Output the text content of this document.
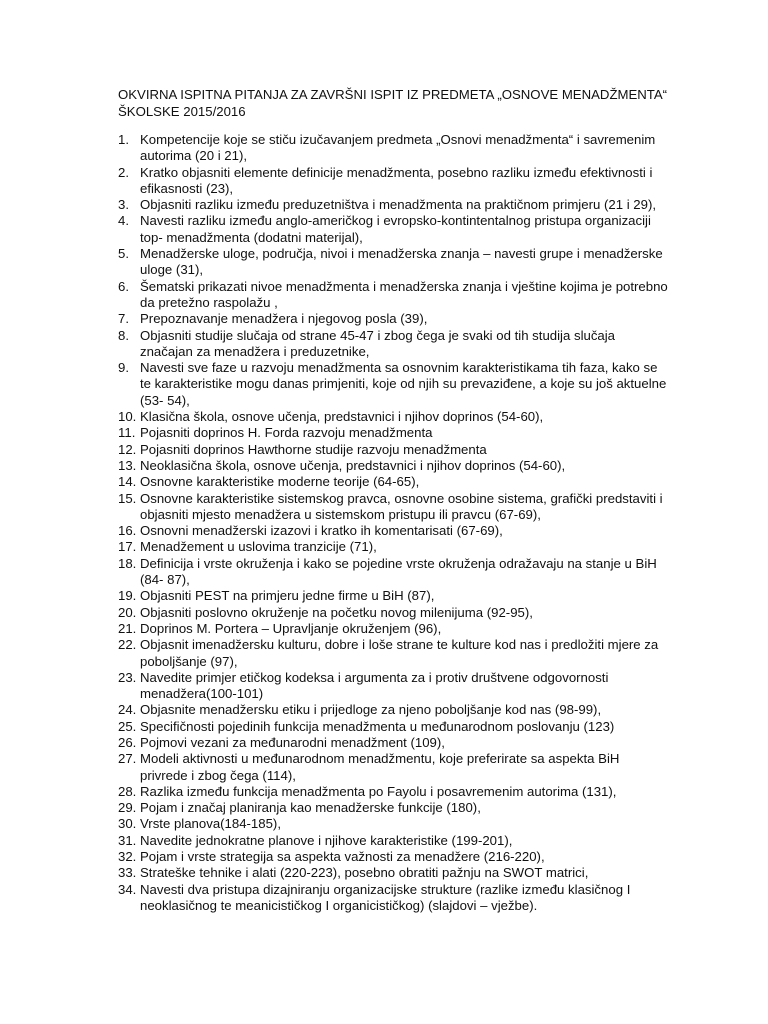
OKVIRNA ISPITNA PITANJA ZA ZAVRŠNI ISPIT IZ PREDMETA „OSNOVE MENADŽMENTA“
ŠKOLSKE 2015/2016
1. Kompetencije koje se stiču izučavanjem predmeta „Osnovi menadžmenta“ i savremenim autorima (20 i 21),
2. Kratko objasniti elemente definicije menadžmenta, posebno razliku između efektivnosti i efikasnosti (23),
3. Objasniti razliku između preduzetništva i menadžmenta na praktičnom primjeru (21 i 29),
4. Navesti razliku između anglo-američkog i evropsko-kontintentalnog pristupa organizaciji top- menadžmenta (dodatni materijal),
5. Menadžerske uloge, područja, nivoi i menadžerska znanja – navesti grupe i menadžerske uloge (31),
6. Šematski prikazati nivoe menadžmenta i menadžerska znanja i vještine kojima je potrebno da pretežno raspolažu ,
7. Prepoznavanje menadžera i njegovog posla (39),
8. Objasniti studije slučaja od strane 45-47 i zbog čega je svaki od tih studija slučaja značajan za menadžera i preduzetnike,
9. Navesti sve faze u razvoju menadžmenta sa osnovnim karakteristikama tih faza, kako se te karakteristike mogu danas primjeniti, koje od njih su prevaziđene, a koje su još aktuelne (53- 54),
10. Klasična škola, osnove učenja, predstavnici i njihov doprinos (54-60),
11. Pojasniti doprinos H. Forda razvoju menadžmenta
12. Pojasniti doprinos Hawthorne studije razvoju menadžmenta
13. Neoklasična škola, osnove učenja, predstavnici i njihov doprinos (54-60),
14. Osnovne karakteristike moderne teorije (64-65),
15. Osnovne karakteristike sistemskog pravca, osnovne osobine sistema, grafički predstaviti i objasniti mjesto menadžera u sistemskom pristupu ili pravcu (67-69),
16. Osnovni menadžerski izazovi i kratko ih komentarisati (67-69),
17. Menadžement u uslovima tranzicije (71),
18. Definicija i vrste okruženja i kako se pojedine vrste okruženja odražavaju na stanje u BiH (84- 87),
19. Objasniti PEST na primjeru jedne firme u BiH (87),
20. Objasniti poslovno okruženje na početku novog milenijuma (92-95),
21. Doprinos M. Portera – Upravljanje okruženjem (96),
22. Objasnit imenadžersku kulturu, dobre i loše strane te kulture kod nas i predložiti mjere za poboljšanje (97),
23. Navedite primjer etičkog kodeksa i argumenta za i protiv društvene odgovornosti menadžera(100-101)
24. Objasnite menadžersku etiku i prijedloge za njeno poboljšanje kod nas (98-99),
25. Specifičnosti pojedinih funkcija menadžmenta u međunarodnom poslovanju (123)
26. Pojmovi vezani za međunarodni menadžment (109),
27. Modeli aktivnosti u međunarodnom menadžmentu, koje preferirate sa aspekta BiH privrede i zbog čega (114),
28. Razlika između funkcija menadžmenta po Fayolu i posavremenim autorima (131),
29. Pojam i značaj planiranja kao menadžerske funkcije (180),
30. Vrste planova(184-185),
31. Navedite jednokratne planove i njihove karakteristike (199-201),
32. Pojam i vrste strategija sa aspekta važnosti za menadžere (216-220),
33. Strateške tehnike i alati (220-223), posebno obratiti pažnju na SWOT matrici,
34. Navesti dva pristupa dizajniranju organizacijske strukture (razlike između klasičnog I neoklasičnog te meanicističkog I organicističkog) (slajdovi – vježbe).
